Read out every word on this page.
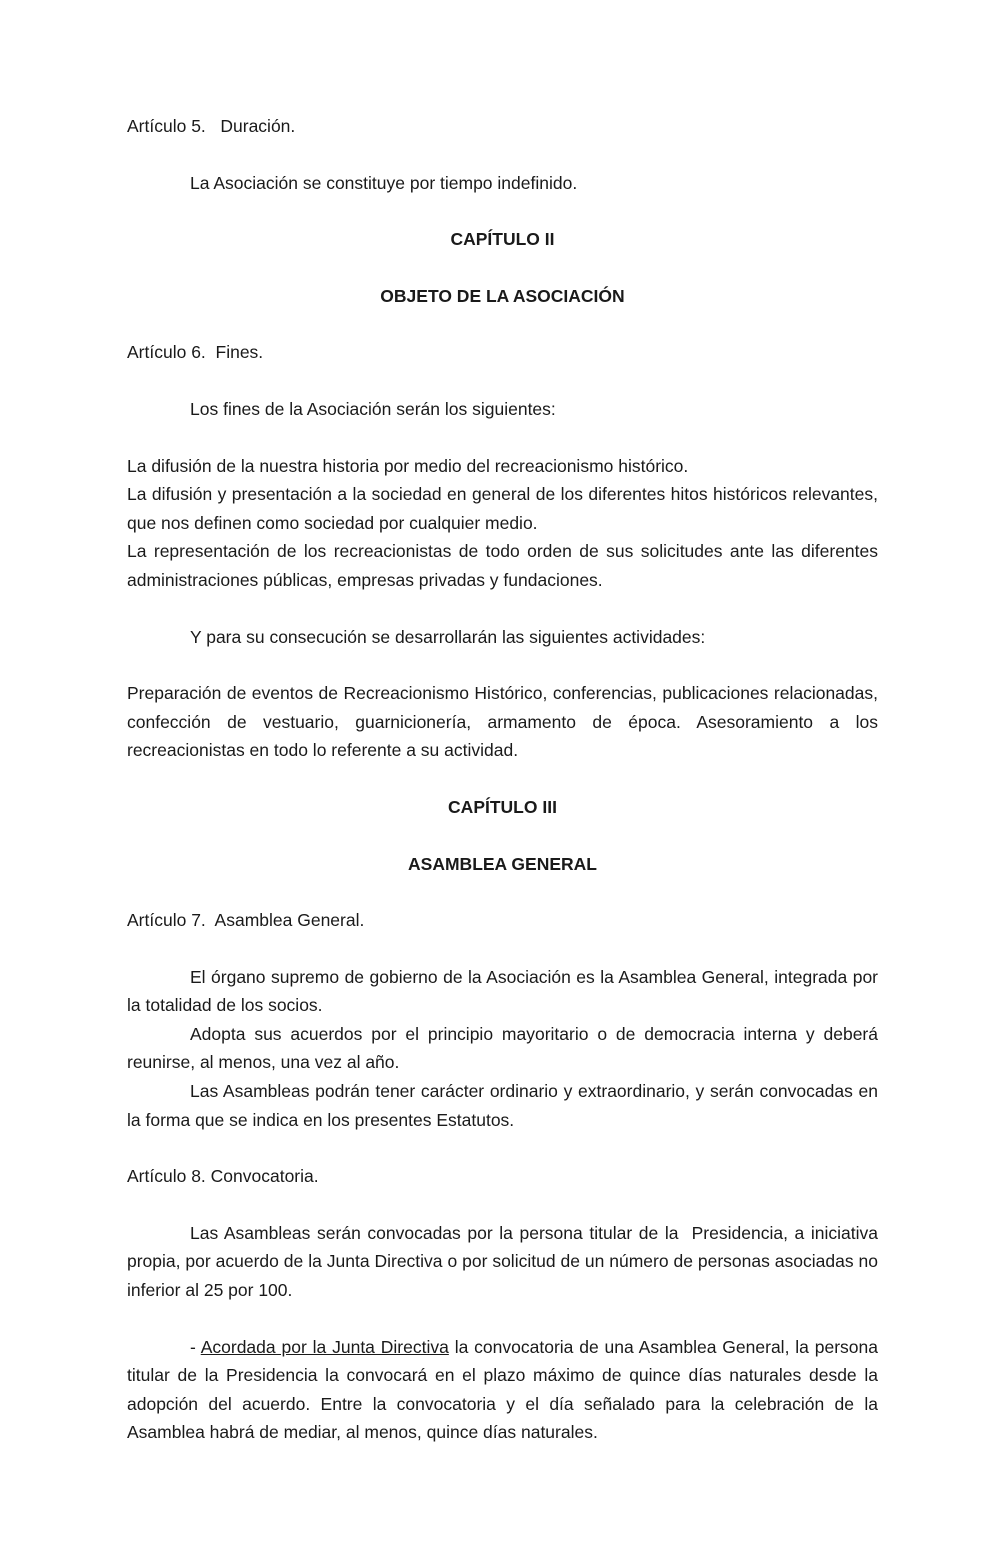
Artículo 5.   Duración.

La Asociación se constituye por tiempo indefinido.

CAPÍTULO II

OBJETO DE LA ASOCIACIÓN

Artículo 6.  Fines.

Los fines de la Asociación serán los siguientes:

La difusión de la nuestra historia por medio del recreacionismo histórico.

La difusión y presentación a la sociedad en general de los diferentes hitos históricos relevantes, que nos definen como sociedad por cualquier medio.

La representación de los recreacionistas de todo orden de sus solicitudes ante las diferentes administraciones públicas, empresas privadas y fundaciones.

Y para su consecución se desarrollarán las siguientes actividades:

Preparación de eventos de Recreacionismo Histórico, conferencias, publicaciones relacionadas, confección de vestuario, guarnicionería, armamento de época. Asesoramiento a los recreacionistas en todo lo referente a su actividad.

CAPÍTULO III

ASAMBLEA GENERAL

Artículo 7.  Asamblea General.

El órgano supremo de gobierno de la Asociación es la Asamblea General, integrada por la totalidad de los socios.

Adopta sus acuerdos por el principio mayoritario o de democracia interna y deberá reunirse, al menos, una vez al año.

Las Asambleas podrán tener carácter ordinario y extraordinario, y serán convocadas en la forma que se indica en los presentes Estatutos.

Artículo 8. Convocatoria.

Las Asambleas serán convocadas por la persona titular de la  Presidencia, a iniciativa propia, por acuerdo de la Junta Directiva o por solicitud de un número de personas asociadas no inferior al 25 por 100.

- Acordada por la Junta Directiva la convocatoria de una Asamblea General, la persona titular de la Presidencia la convocará en el plazo máximo de quince días naturales desde la adopción del acuerdo. Entre la convocatoria y el día señalado para la celebración de la Asamblea habrá de mediar, al menos, quince días naturales.
